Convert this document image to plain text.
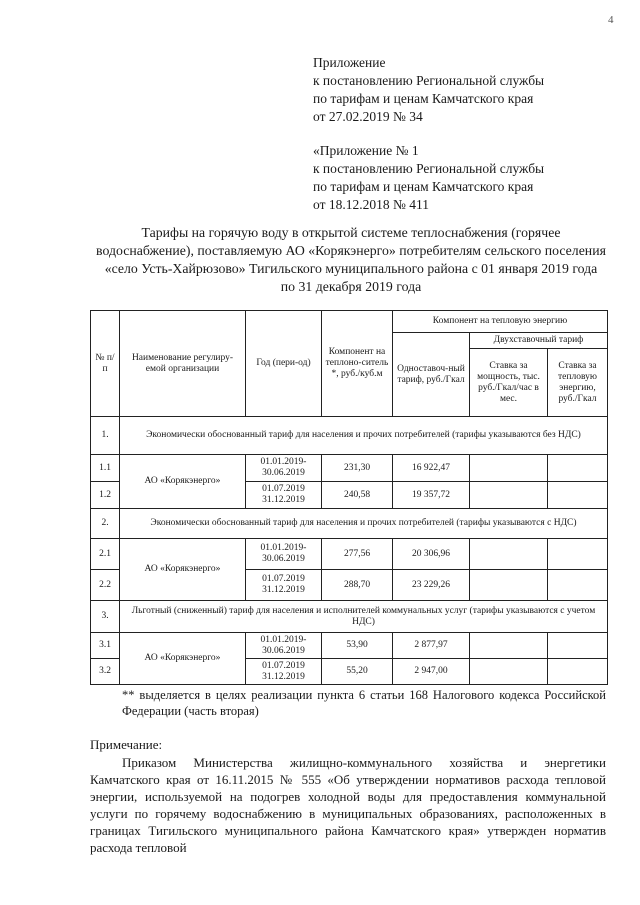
4
Приложение
к постановлению Региональной службы
по тарифам и ценам Камчатского края
от 27.02.2019 № 34
«Приложение № 1
к постановлению Региональной службы
по тарифам и ценам Камчатского края
от 18.12.2018 № 411
Тарифы на горячую воду в открытой системе теплоснабжения (горячее водоснабжение), поставляемую АО «Корякэнерго» потребителям сельского поселения «село Усть-Хайрюзово» Тигильского муниципального района с 01 января 2019 года по 31 декабря 2019 года
№ п/п	Наименование регулиру-емой организации	Год (пери-од)	Компонент на теплоно-ситель *, руб./куб.м	Компонент на тепловую энергию		
				Одноставоч-ный тариф, руб./Гкал	Двухставочный тариф	
					Ставка за мощность, тыс. руб./Гкал/час в мес.	Ставка за тепловую энергию, руб./Гкал
1.	Экономически обоснованный тариф для населения и прочих потребителей (тарифы указываются без НДС)					
1.1	АО «Корякэнерго»	01.01.2019-30.06.2019	231,30	16 922,47		
1.2		01.07.2019 31.12.2019	240,58	19 357,72		
2.	Экономически обоснованный тариф для населения и прочих потребителей (тарифы указываются с НДС)					
2.1	АО «Корякэнерго»	01.01.2019-30.06.2019	277,56	20 306,96		
2.2		01.07.2019 31.12.2019	288,70	23 229,26		
3.	Льготный (сниженный) тариф для населения и исполнителей коммунальных услуг (тарифы указываются с учетом НДС)					
3.1	АО «Корякэнерго»	01.01.2019-30.06.2019	53,90	2 877,97		
3.2		01.07.2019 31.12.2019	55,20	2 947,00		
** выделяется в целях реализации пункта 6 статьи 168 Налогового кодекса Российской Федерации (часть вторая)
Примечание:
Приказом Министерства жилищно-коммунального хозяйства и энергетики Камчатского края от 16.11.2015 № 555 «Об утверждении нормативов расхода тепловой энергии, используемой на подогрев холодной воды для предоставления коммунальной услуги по горячему водоснабжению в муниципальных образованиях, расположенных в границах Тигильского муниципального района Камчатского края» утвержден норматив расхода тепловой
